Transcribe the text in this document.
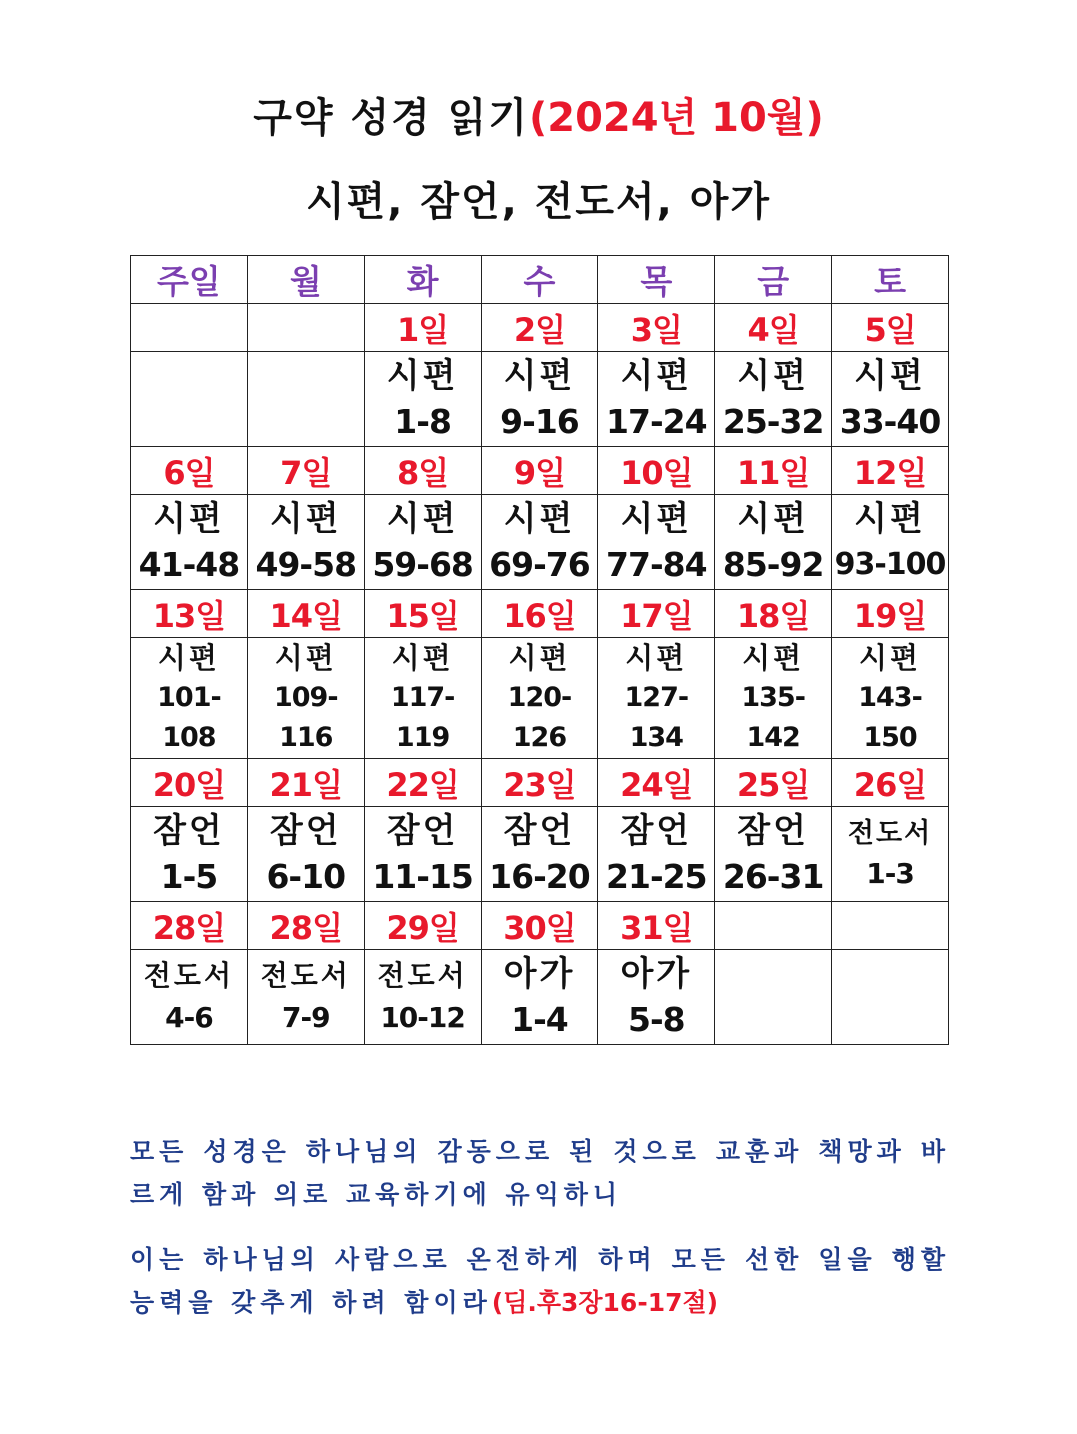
구약 성경 읽기(2024년 10월)
시편, 잠언, 전도서, 아가
주일	월	화	수	목	금	토
		1일	2일	3일	4일	5일

		시편
1-8	시편
9-16	시편
17-24	시편
25-32	시편
33-40

6일	7일	8일	9일	10일	11일	12일

시편
41-48	시편
49-58	시편
59-68	시편
69-76	시편
77-84	시편
85-92	시편
93-100

13일	14일	15일	16일	17일	18일	19일

시편
101-108	시편
109-116	시편
117-119	시편
120-126	시편
127-134	시편
135-142	시편
143-150

20일	21일	22일	23일	24일	25일	26일

잠언
1-5	잠언
6-10	잠언
11-15	잠언
16-20	잠언
21-25	잠언
26-31	전도서
1-3

28일	28일	29일	30일	31일		

전도서
4-6	전도서
7-9	전도서
10-12	아가
1-4	아가
5-8		

모든 성경은 하나님의 감동으로 된 것으로 교훈과 책망과 바르게 함과 의로 교육하기에 유익하니
이는 하나님의 사람으로 온전하게 하며 모든 선한 일을 행할 능력을 갖추게 하려 함이라(딤.후3장16-17절)
